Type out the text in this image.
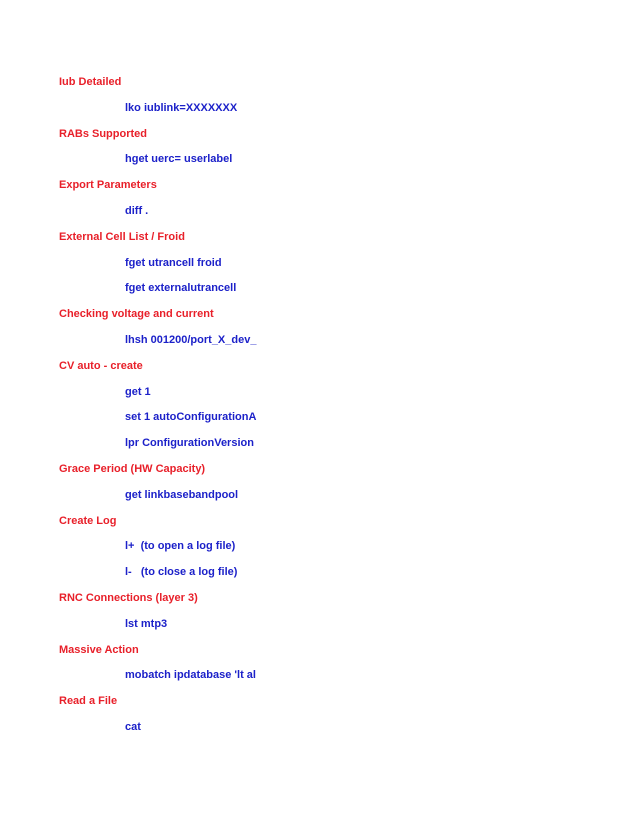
Iub Detailed
lko iublink=XXXXXXX
RABs Supported
hget uerc= userlabel
Export Parameters
diff .
External Cell List / Froid
fget utrancell froid
fget externalutrancell
Checking voltage and current
lhsh 001200/port_X_dev_
CV auto - create
get 1
set 1 autoConfigurationA
lpr ConfigurationVersion
Grace Period (HW Capacity)
get linkbasebandpool
Create Log
l+  (to open a log file)
l-   (to close a log file)
RNC Connections (layer 3)
lst mtp3
Massive Action
mobatch ipdatabase 'lt al
Read a File
cat
